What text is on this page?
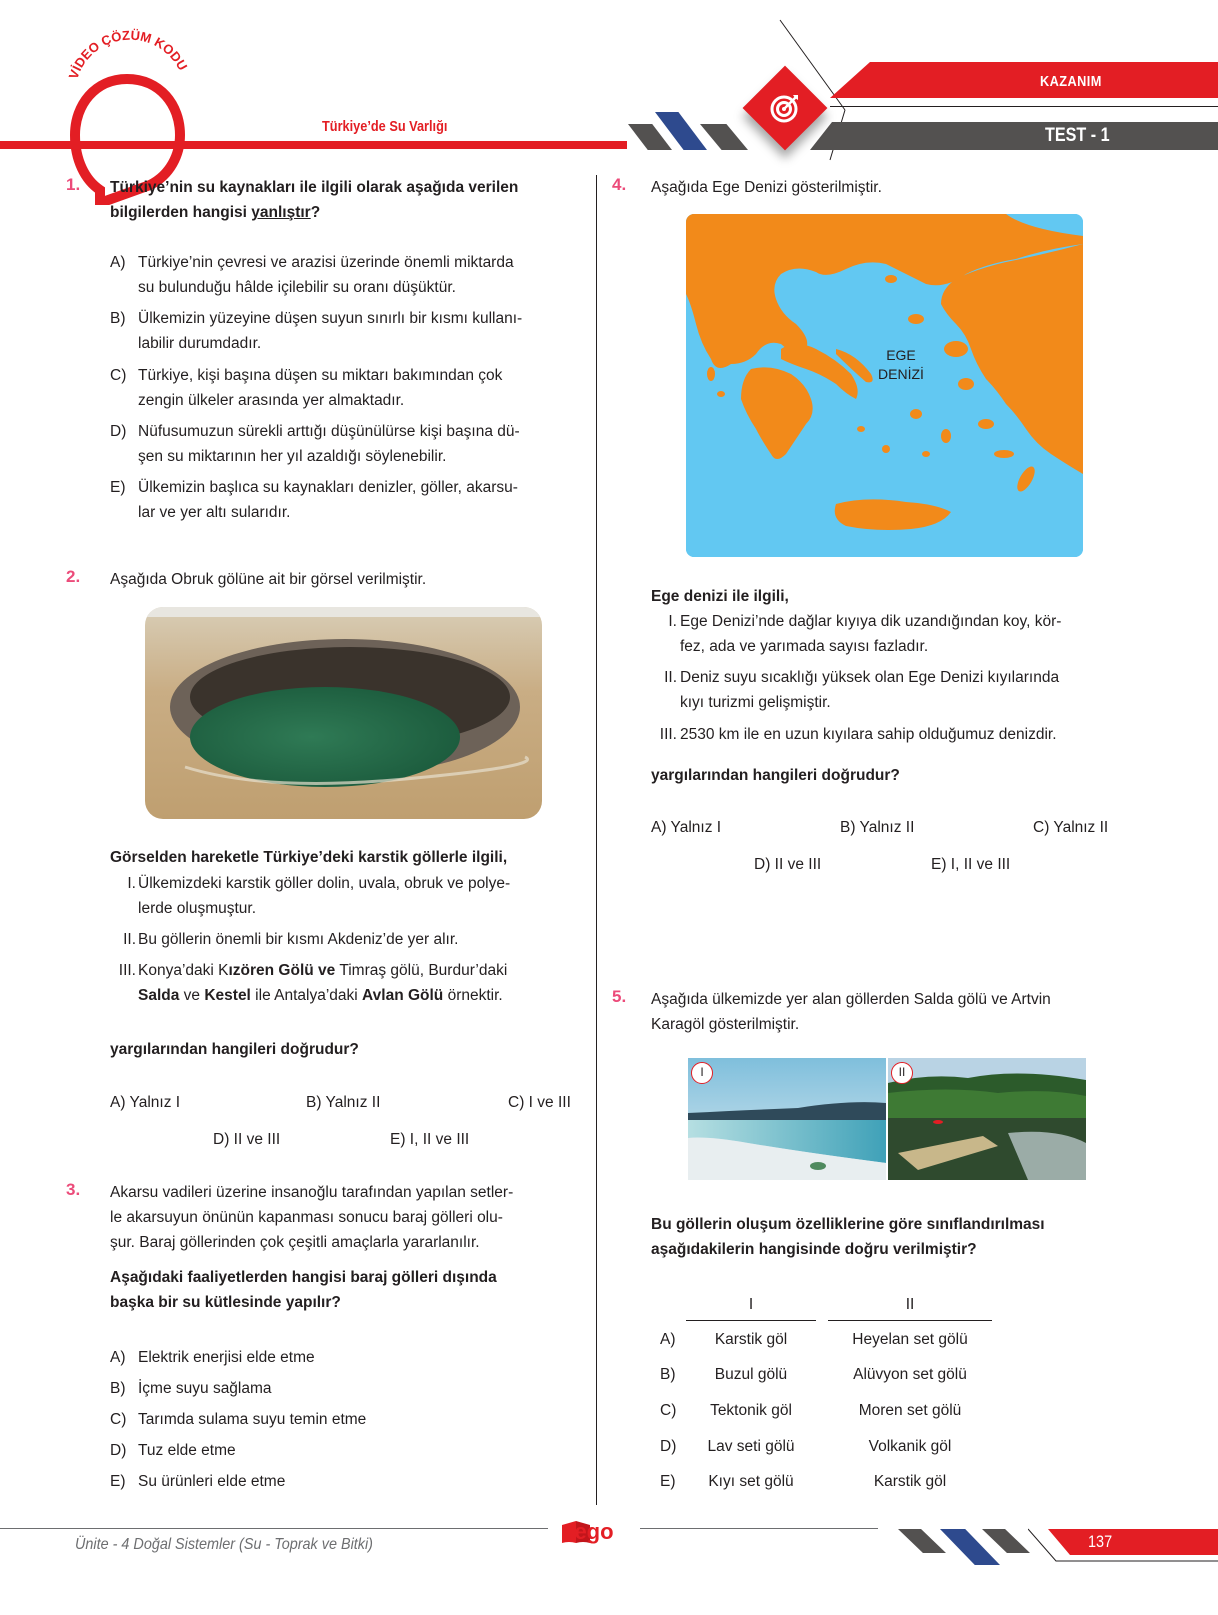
VİDEO ÇÖZÜM KODU
Türkiye’de Su Varlığı
KAZANIM
TEST - 1
1. Türkiye’nin su kaynakları ile ilgili olarak aşağıda verilen
bilgilerden hangisi yanlıştır?
A) Türkiye’nin çevresi ve arazisi üzerinde önemli miktarda
su bulunduğu hâlde içilebilir su oranı düşüktür.
B) Ülkemizin yüzeyine düşen suyun sınırlı bir kısmı kullanı-
labilir durumdadır.
C) Türkiye, kişi başına düşen su miktarı bakımından çok
zengin ülkeler arasında yer almaktadır.
D) Nüfusumuzun sürekli arttığı düşünülürse kişi başına dü-
şen su miktarının her yıl azaldığı söylenebilir.
E) Ülkemizin başlıca su kaynakları denizler, göller, akarsu-
lar ve yer altı sularıdır.
2. Aşağıda Obruk gölüne ait bir görsel verilmiştir.
Görselden hareketle Türkiye’deki karstik göllerle ilgili,
I. Ülkemizdeki karstik göller dolin, uvala, obruk ve polye-
lerde oluşmuştur.
II. Bu göllerin önemli bir kısmı Akdeniz’de yer alır.
III. Konya’daki Kızören Gölü ve Timraş gölü, Burdur’daki
Salda ve Kestel ile Antalya’daki Avlan Gölü örnektir.
yargılarından hangileri doğrudur?
A) Yalnız I	B) Yalnız II	C) I ve III
D) II ve III	E) I, II ve III
3. Akarsu vadileri üzerine insanoğlu tarafından yapılan setler-
le akarsuyun önünün kapanması sonucu baraj gölleri olu-
şur. Baraj göllerinden çok çeşitli amaçlarla yararlanılır.
Aşağıdaki faaliyetlerden hangisi baraj gölleri dışında
başka bir su kütlesinde yapılır?
A) Elektrik enerjisi elde etme
B) İçme suyu sağlama
C) Tarımda sulama suyu temin etme
D) Tuz elde etme
E) Su ürünleri elde etme
4. Aşağıda Ege Denizi gösterilmiştir.
EGE
DENİZİ
Ege denizi ile ilgili,
I. Ege Denizi’nde dağlar kıyıya dik uzandığından koy, kör-
fez, ada ve yarımada sayısı fazladır.
II. Deniz suyu sıcaklığı yüksek olan Ege Denizi kıyılarında
kıyı turizmi gelişmiştir.
III. 2530 km ile en uzun kıyılara sahip olduğumuz denizdir.
yargılarından hangileri doğrudur?
A) Yalnız I	B) Yalnız II	C) Yalnız II
D) II ve III	E) I, II ve III
5. Aşağıda ülkemizde yer alan göllerden Salda gölü ve Artvin
Karagöl gösterilmiştir.
I	II
Bu göllerin oluşum özelliklerine göre sınıflandırılması
aşağıdakilerin hangisinde doğru verilmiştir?
I	II
A)	Karstik göl	Heyelan set gölü
B)	Buzul gölü	Alüvyon set gölü
C)	Tektonik göl	Moren set gölü
D)	Lav seti gölü	Volkanik göl
E)	Kıyı set gölü	Karstik göl
Ünite - 4 Doğal Sistemler (Su - Toprak ve Bitki)
nego	137
